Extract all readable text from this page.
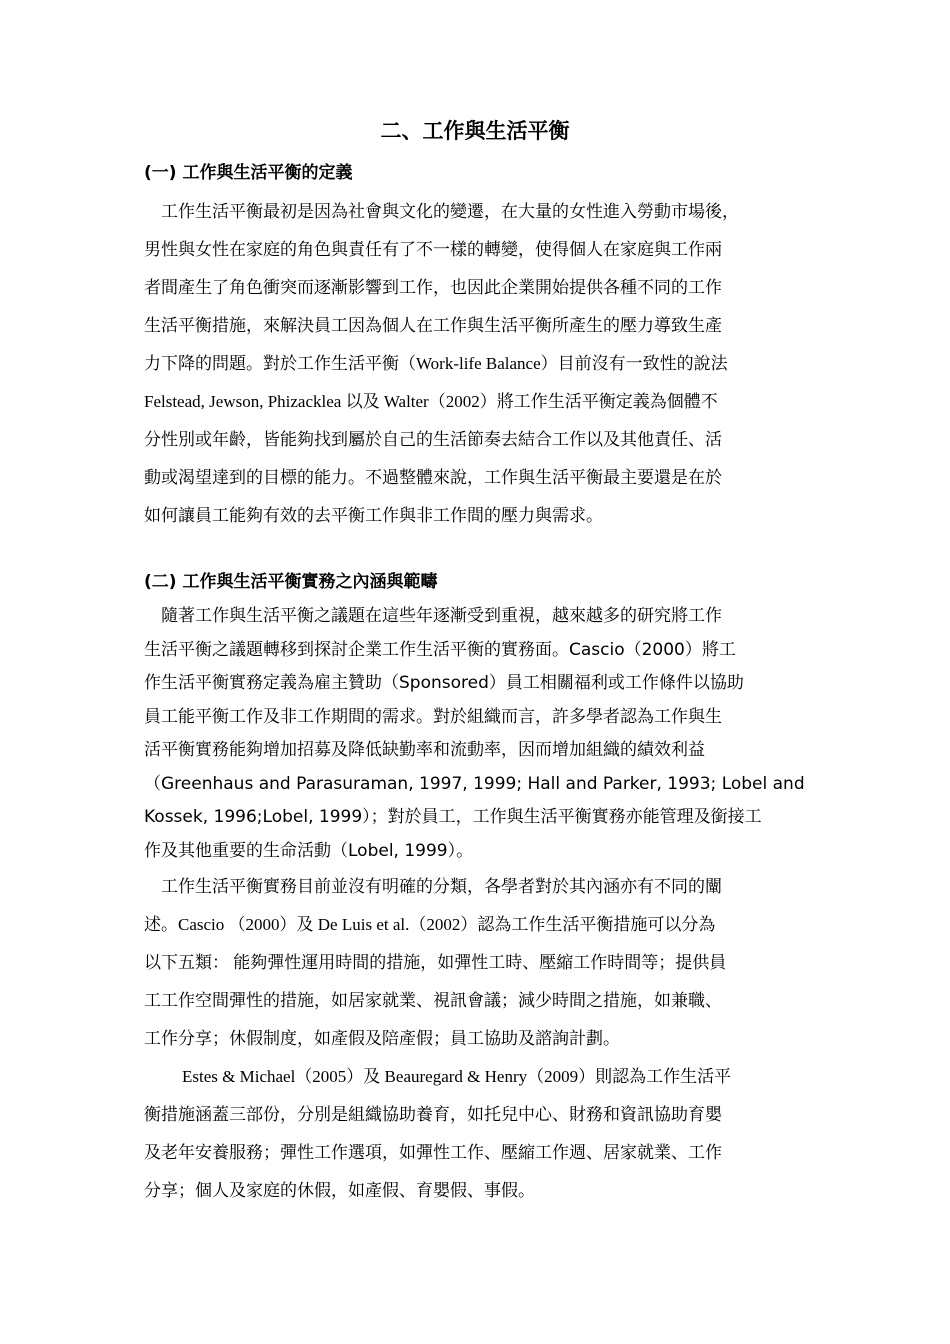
二、工作與生活平衡
(一) 工作與生活平衡的定義
工作生活平衡最初是因為社會與文化的變遷，在大量的女性進入勞動市場後，
男性與女性在家庭的角色與責任有了不一樣的轉變，使得個人在家庭與工作兩
者間產生了角色衝突而逐漸影響到工作，也因此企業開始提供各種不同的工作
生活平衡措施，來解決員工因為個人在工作與生活平衡所產生的壓力導致生產
力下降的問題。對於工作生活平衡（Work-life Balance）目前沒有一致性的說法
Felstead, Jewson, Phizacklea 以及 Walter（2002）將工作生活平衡定義為個體不
分性別或年齡，皆能夠找到屬於自己的生活節奏去結合工作以及其他責任、活
動或渴望達到的目標的能力。不過整體來說，工作與生活平衡最主要還是在於
如何讓員工能夠有效的去平衡工作與非工作間的壓力與需求。
(二) 工作與生活平衡實務之內涵與範疇
隨著工作與生活平衡之議題在這些年逐漸受到重視，越來越多的研究將工作
生活平衡之議題轉移到探討企業工作生活平衡的實務面。Cascio（2000）將工
作生活平衡實務定義為雇主贊助（Sponsored）員工相關福利或工作條件以協助
員工能平衡工作及非工作期間的需求。對於組織而言，許多學者認為工作與生
活平衡實務能夠增加招募及降低缺勤率和流動率，因而增加組織的績效利益
（Greenhaus and Parasuraman, 1997, 1999; Hall and Parker, 1993; Lobel and
Kossek, 1996;Lobel, 1999）；對於員工，工作與生活平衡實務亦能管理及銜接工
作及其他重要的生命活動（Lobel, 1999）。
工作生活平衡實務目前並沒有明確的分類，各學者對於其內涵亦有不同的闡
述。Cascio （2000）及 De Luis et al.（2002）認為工作生活平衡措施可以分為
以下五類： 能夠彈性運用時間的措施，如彈性工時、壓縮工作時間等；提供員
工工作空間彈性的措施，如居家就業、視訊會議；減少時間之措施，如兼職、
工作分享；休假制度，如產假及陪產假；員工協助及諮詢計劃。
Estes & Michael（2005）及 Beauregard & Henry（2009）則認為工作生活平
衡措施涵蓋三部份，分別是組織協助養育，如托兒中心、財務和資訊協助育嬰
及老年安養服務；彈性工作選項，如彈性工作、壓縮工作週、居家就業、工作
分享；個人及家庭的休假，如產假、育嬰假、事假。
